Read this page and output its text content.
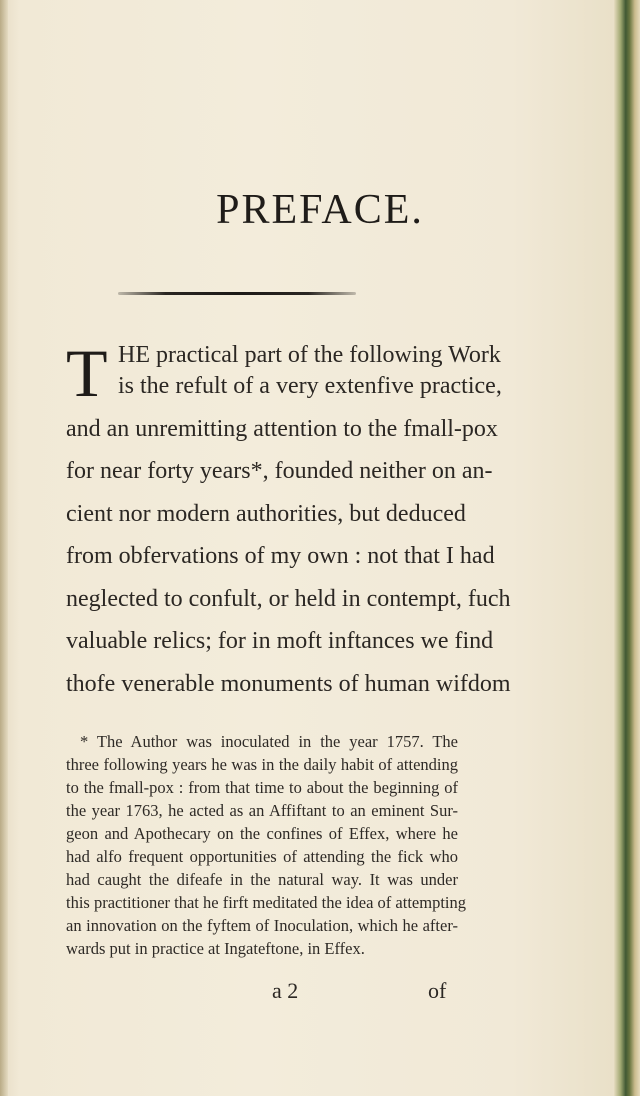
PREFACE.
T HE practical part of the following Work
is the refult of a very extenfive practice,
and an unremitting attention to the fmall-pox
for near forty years*, founded neither on an-
cient nor modern authorities, but deduced
from obfervations of my own : not that I had
neglected to confult, or held in contempt, fuch
valuable relics; for in moft inftances we find
thofe venerable monuments of human wifdom
* The Author was inoculated in the year 1757. The
three following years he was in the daily habit of attending
to the fmall-pox : from that time to about the beginning of
the year 1763, he acted as an Affiftant to an eminent Sur-
geon and Apothecary on the confines of Effex, where he
had alfo frequent opportunities of attending the fick who
had caught the difeafe in the natural way. It was under
this practitioner that he firft meditated the idea of attempting
an innovation on the fyftem of Inoculation, which he after-
wards put in practice at Ingateftone, in Effex.
a 2	of
